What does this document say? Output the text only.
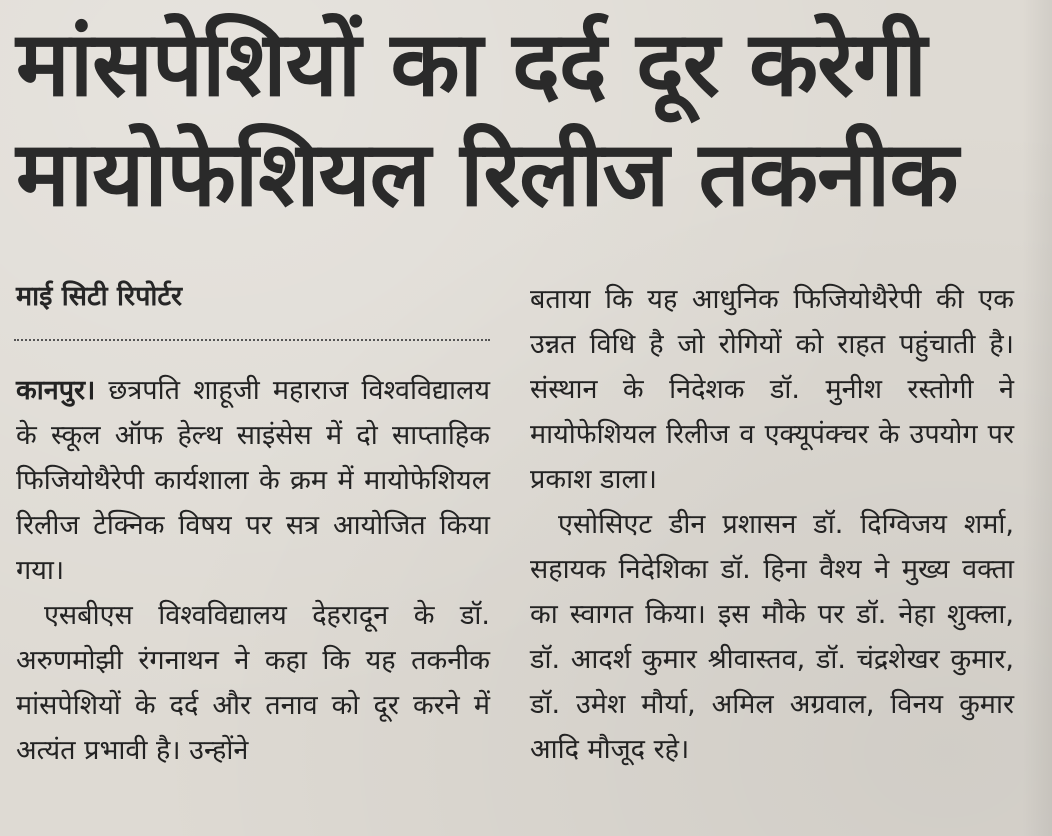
मांसपेशियों का दर्द दूर करेगी
मायोफेशियल रिलीज तकनीक
माई सिटी रिपोर्टर

कानपुर। छत्रपति शाहूजी महाराज विश्वविद्यालय के स्कूल ऑफ हेल्थ साइंसेस में दो साप्ताहिक फिजियोथैरेपी कार्यशाला के क्रम में मायोफेशियल रिलीज टेक्निक विषय पर सत्र आयोजित किया गया।

एसबीएस विश्वविद्यालय देहरादून के डॉ. अरुणमोझी रंगनाथन ने कहा कि यह तकनीक मांसपेशियों के दर्द और तनाव को दूर करने में अत्यंत प्रभावी है। उन्होंने

बताया कि यह आधुनिक फिजियोथैरेपी की एक उन्नत विधि है जो रोगियों को राहत पहुंचाती है। संस्थान के निदेशक डॉ. मुनीश रस्तोगी ने मायोफेशियल रिलीज व एक्यूपंक्चर के उपयोग पर प्रकाश डाला।

एसोसिएट डीन प्रशासन डॉ. दिग्विजय शर्मा, सहायक निदेशिका डॉ. हिना वैश्य ने मुख्य वक्ता का स्वागत किया। इस मौके पर डॉ. नेहा शुक्ला, डॉ. आदर्श कुमार श्रीवास्तव, डॉ. चंद्रशेखर कुमार, डॉ. उमेश मौर्या, अमिल अग्रवाल, विनय कुमार आदि मौजूद रहे।
